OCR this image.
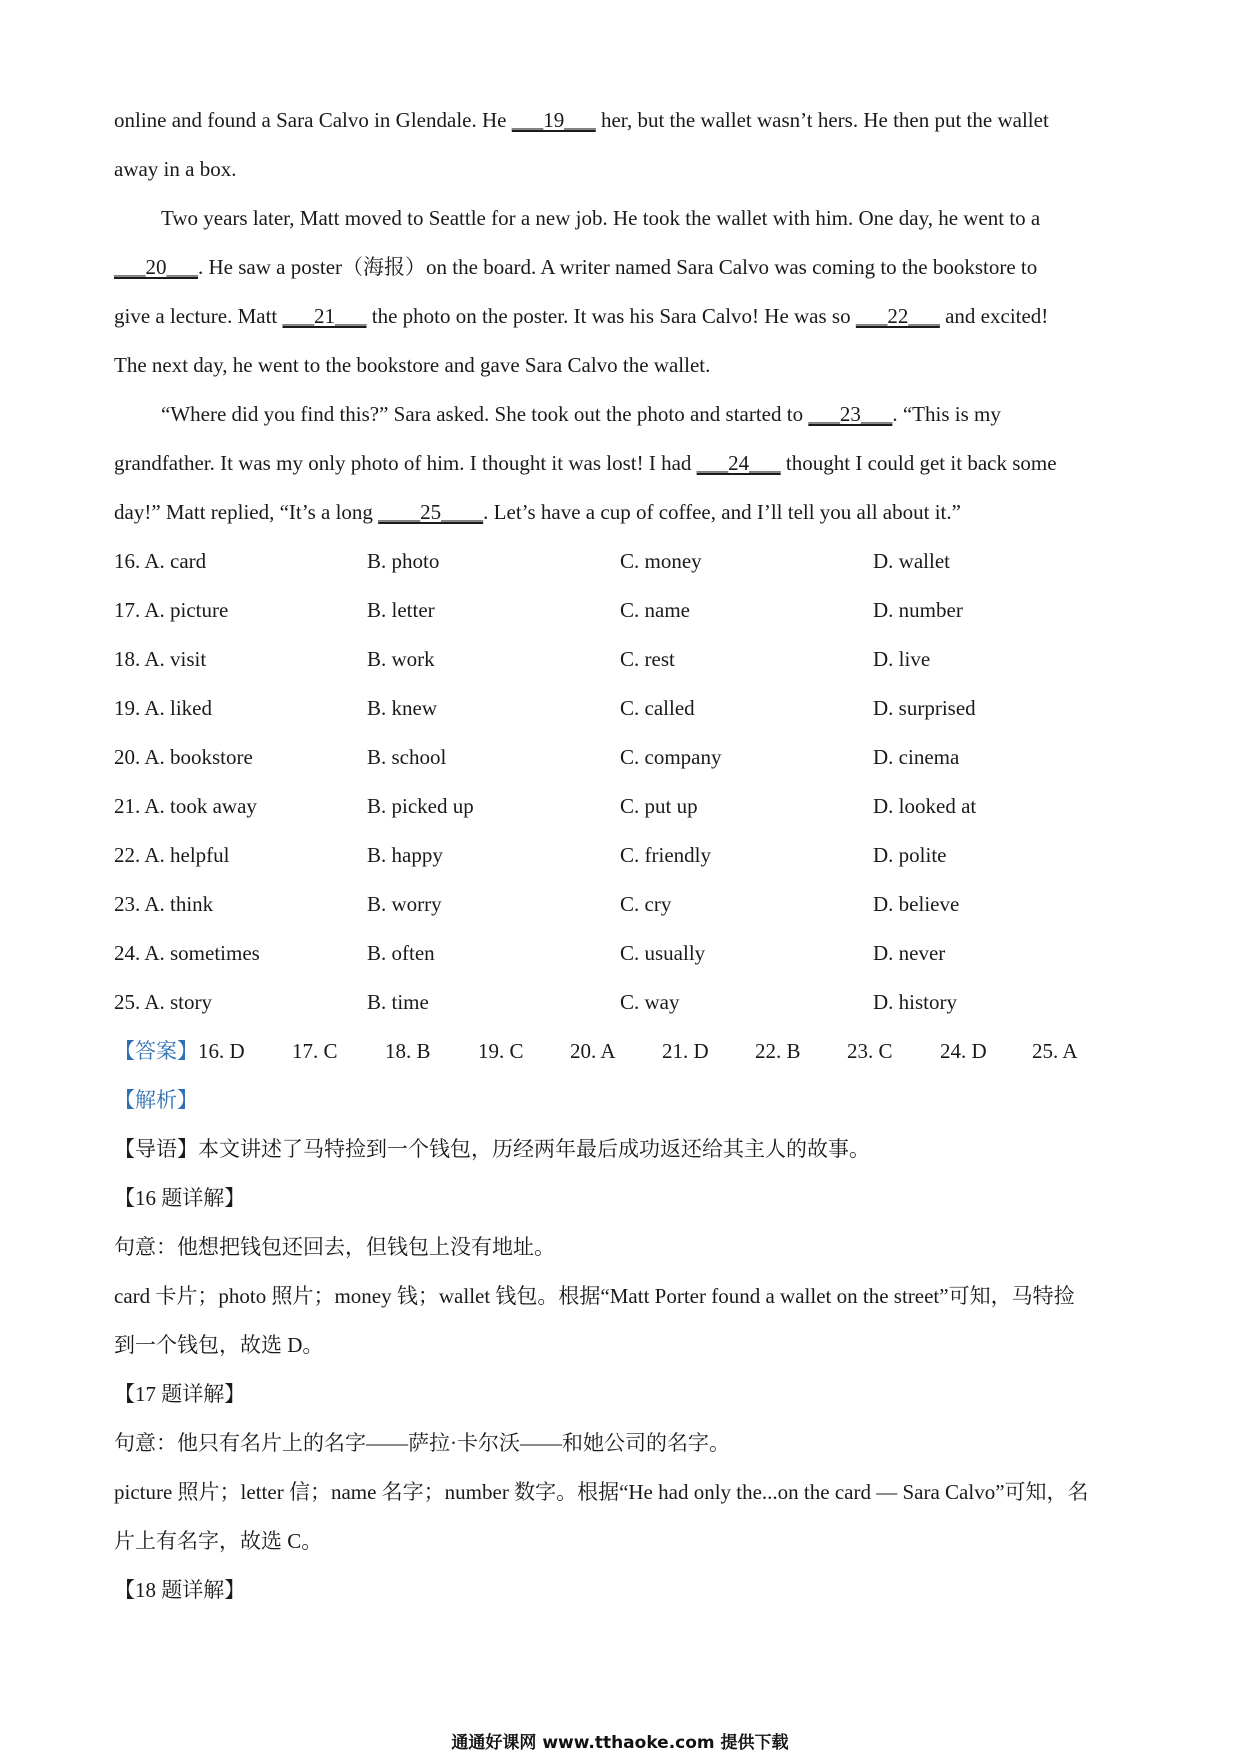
online and found a Sara Calvo in Glendale. He ___19___ her, but the wallet wasn’t hers. He then put the wallet
away in a box.
Two years later, Matt moved to Seattle for a new job. He took the wallet with him. One day, he went to a
___20___. He saw a poster（海报）on the board. A writer named Sara Calvo was coming to the bookstore to
give a lecture. Matt ___21___ the photo on the poster. It was his Sara Calvo! He was so ___22___ and excited!
The next day, he went to the bookstore and gave Sara Calvo the wallet.
“Where did you find this?” Sara asked. She took out the photo and started to ___23___. “This is my
grandfather. It was my only photo of him. I thought it was lost! I had ___24___ thought I could get it back some
day!” Matt replied, “It’s a long ____25____. Let’s have a cup of coffee, and I’ll tell you all about it.”
16. A. card	B. photo	C. money	D. wallet
17. A. picture	B. letter	C. name	D. number
18. A. visit	B. work	C. rest	D. live
19. A. liked	B. knew	C. called	D. surprised
20. A. bookstore	B. school	C. company	D. cinema
21. A. took away	B. picked up	C. put up	D. looked at
22. A. helpful	B. happy	C. friendly	D. polite
23. A. think	B. worry	C. cry	D. believe
24. A. sometimes	B. often	C. usually	D. never
25. A. story	B. time	C. way	D. history
【答案】 16. D 17. C 18. B 19. C 20. A 21. D 22. B 23. C 24. D 25. A
【解析】
【导语】本文讲述了马特捡到一个钱包，历经两年最后成功返还给其主人的故事。
【16 题详解】
句意：他想把钱包还回去，但钱包上没有地址。
card 卡片；photo 照片；money 钱；wallet 钱包。根据“Matt Porter found a wallet on the street”可知，马特捡
到一个钱包，故选 D。
【17 题详解】
句意：他只有名片上的名字——萨拉·卡尔沃——和她公司的名字。
picture 照片；letter 信；name 名字；number 数字。根据“He had only the...on the card — Sara Calvo”可知，名
片上有名字，故选 C。
【18 题详解】
通通好课网 www.tthaoke.com 提供下载
